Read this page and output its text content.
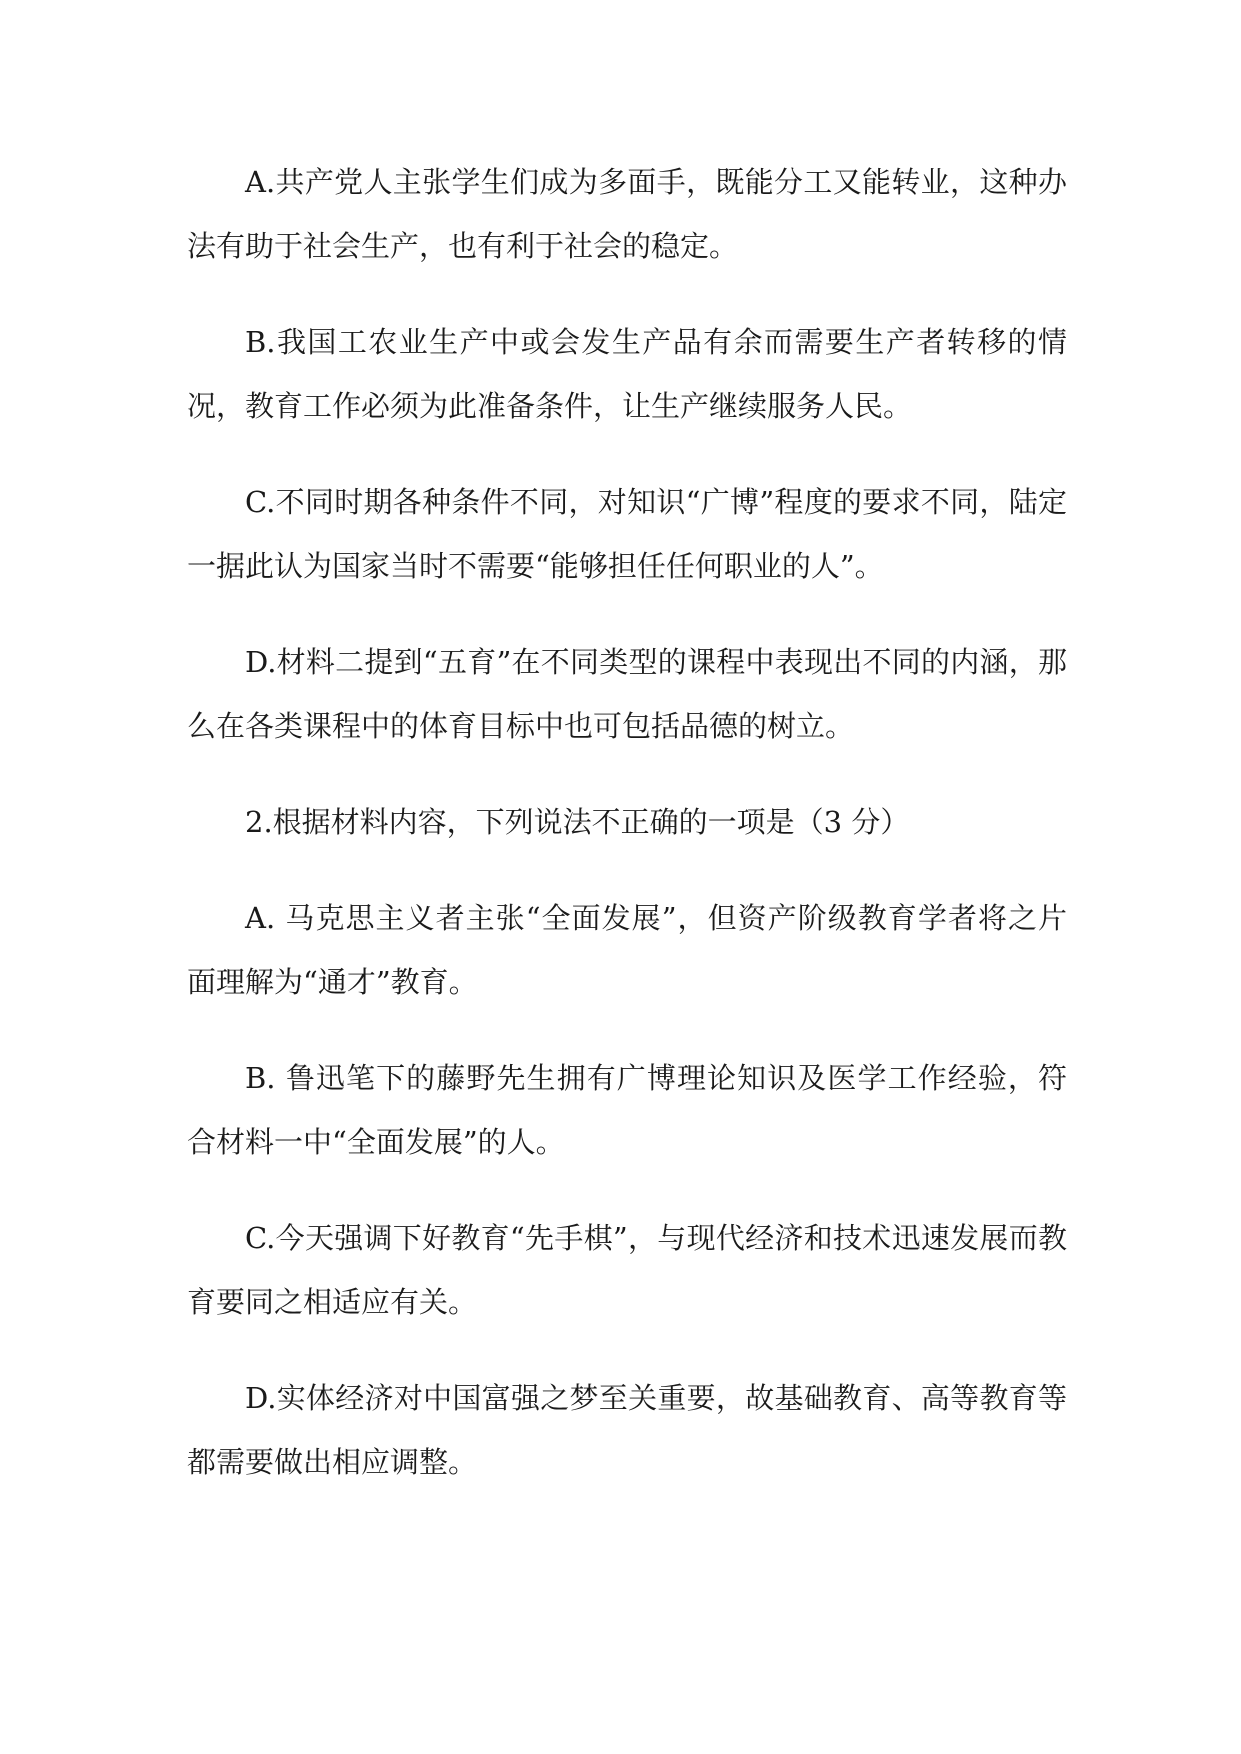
A.共产党人主张学生们成为多面手，既能分工又能转业，这种办法有助于社会生产，也有利于社会的稳定。

B.我国工农业生产中或会发生产品有余而需要生产者转移的情况，教育工作必须为此准备条件，让生产继续服务人民。

C.不同时期各种条件不同，对知识“广博”程度的要求不同，陆定一据此认为国家当时不需要“能够担任任何职业的人”。

D.材料二提到“五育”在不同类型的课程中表现出不同的内涵，那么在各类课程中的体育目标中也可包括品德的树立。

2.根据材料内容，下列说法不正确的一项是（3 分）

A. 马克思主义者主张“全面发展”，但资产阶级教育学者将之片面理解为“通才”教育。

B. 鲁迅笔下的藤野先生拥有广博理论知识及医学工作经验，符合材料一中“全面发展”的人。

C.今天强调下好教育“先手棋”，与现代经济和技术迅速发展而教育要同之相适应有关。

D.实体经济对中国富强之梦至关重要，故基础教育、高等教育等都需要做出相应调整。
